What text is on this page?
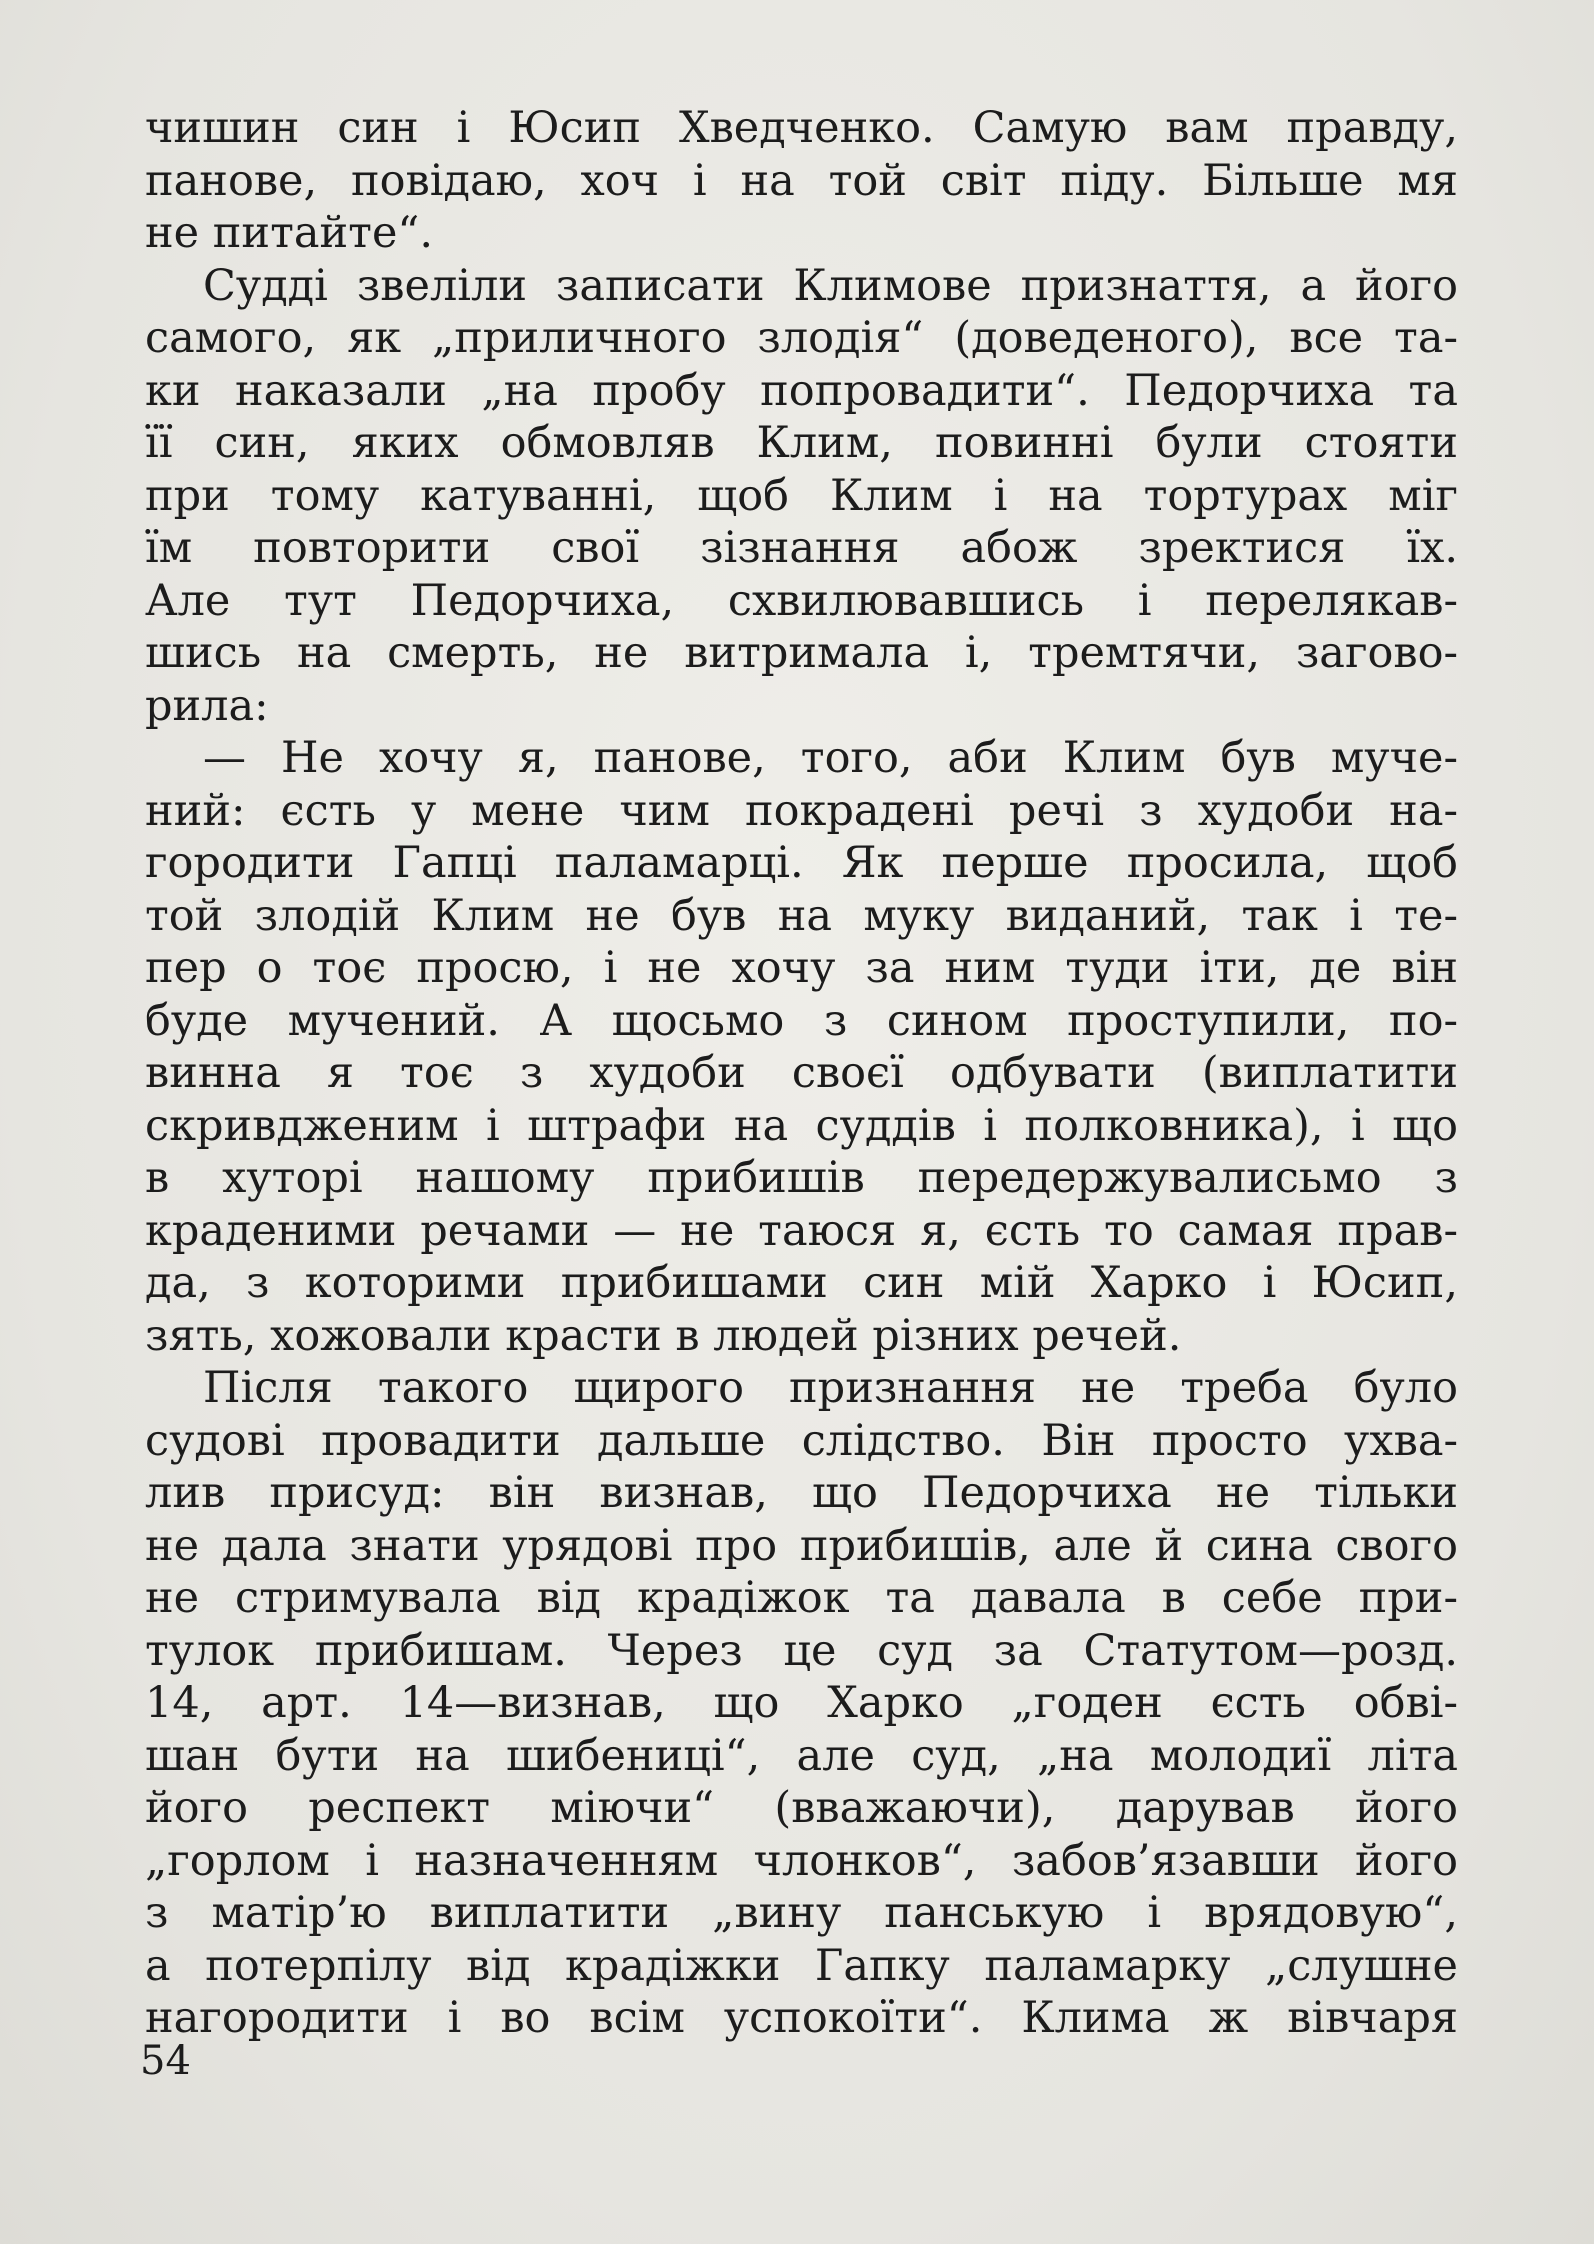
чишин син і Юсип Хведченко. Самую вам правду,
панове, повідаю, хоч і на той світ піду. Більше мя
не питайте“.
Судді звеліли записати Климове признаття, а його
самого, як „приличного злодія“ (доведеного), все та-
ки наказали „на пробу попровадити“. Педорчиха та
її син, яких обмовляв Клим, повинні були стояти
при тому катуванні, щоб Клим і на тортурах міг
їм повторити свої зізнання абож зректися їх.
Але тут Педорчиха, схвилювавшись і перелякав-
шись на смерть, не витримала і, тремтячи, загово-
рила:
— Не хочу я, панове, того, аби Клим був муче-
ний: єсть у мене чим покрадені речі з худоби на-
городити Гапці паламарці. Як перше просила, щоб
той злодій Клим не був на муку виданий, так і те-
пер о тоє просю, і не хочу за ним туди іти, де він
буде мучений. А щосьмо з сином проступили, по-
винна я тоє з худоби своєї одбувати (виплатити
скривдженим і штрафи на суддів і полковника), і що
в хуторі нашому прибишів передержувалисьмо з
краденими речами — не таюся я, єсть то самая прав-
да, з которими прибишами син мій Харко і Юсип,
зять, хожовали красти в людей різних речей.
Після такого щирого признання не треба було
судові провадити дальше слідство. Він просто ухва-
лив присуд: він визнав, що Педорчиха не тільки
не дала знати урядові про прибишів, але й сина свого
не стримувала від крадіжок та давала в себе при-
тулок прибишам. Через це суд за Статутом—розд.
14, арт. 14—визнав, що Харко „годен єсть обві-
шан бути на шибениці“, але суд, „на молодиї літа
його респект міючи“ (вважаючи), дарував його
„горлом і назначенням члонков“, забов’язавши його
з матір’ю виплатити „вину панськую і врядовую“,
а потерпілу від крадіжки Гапку паламарку „слушне
нагородити і во всім успокоїти“. Клима ж вівчаря
54
